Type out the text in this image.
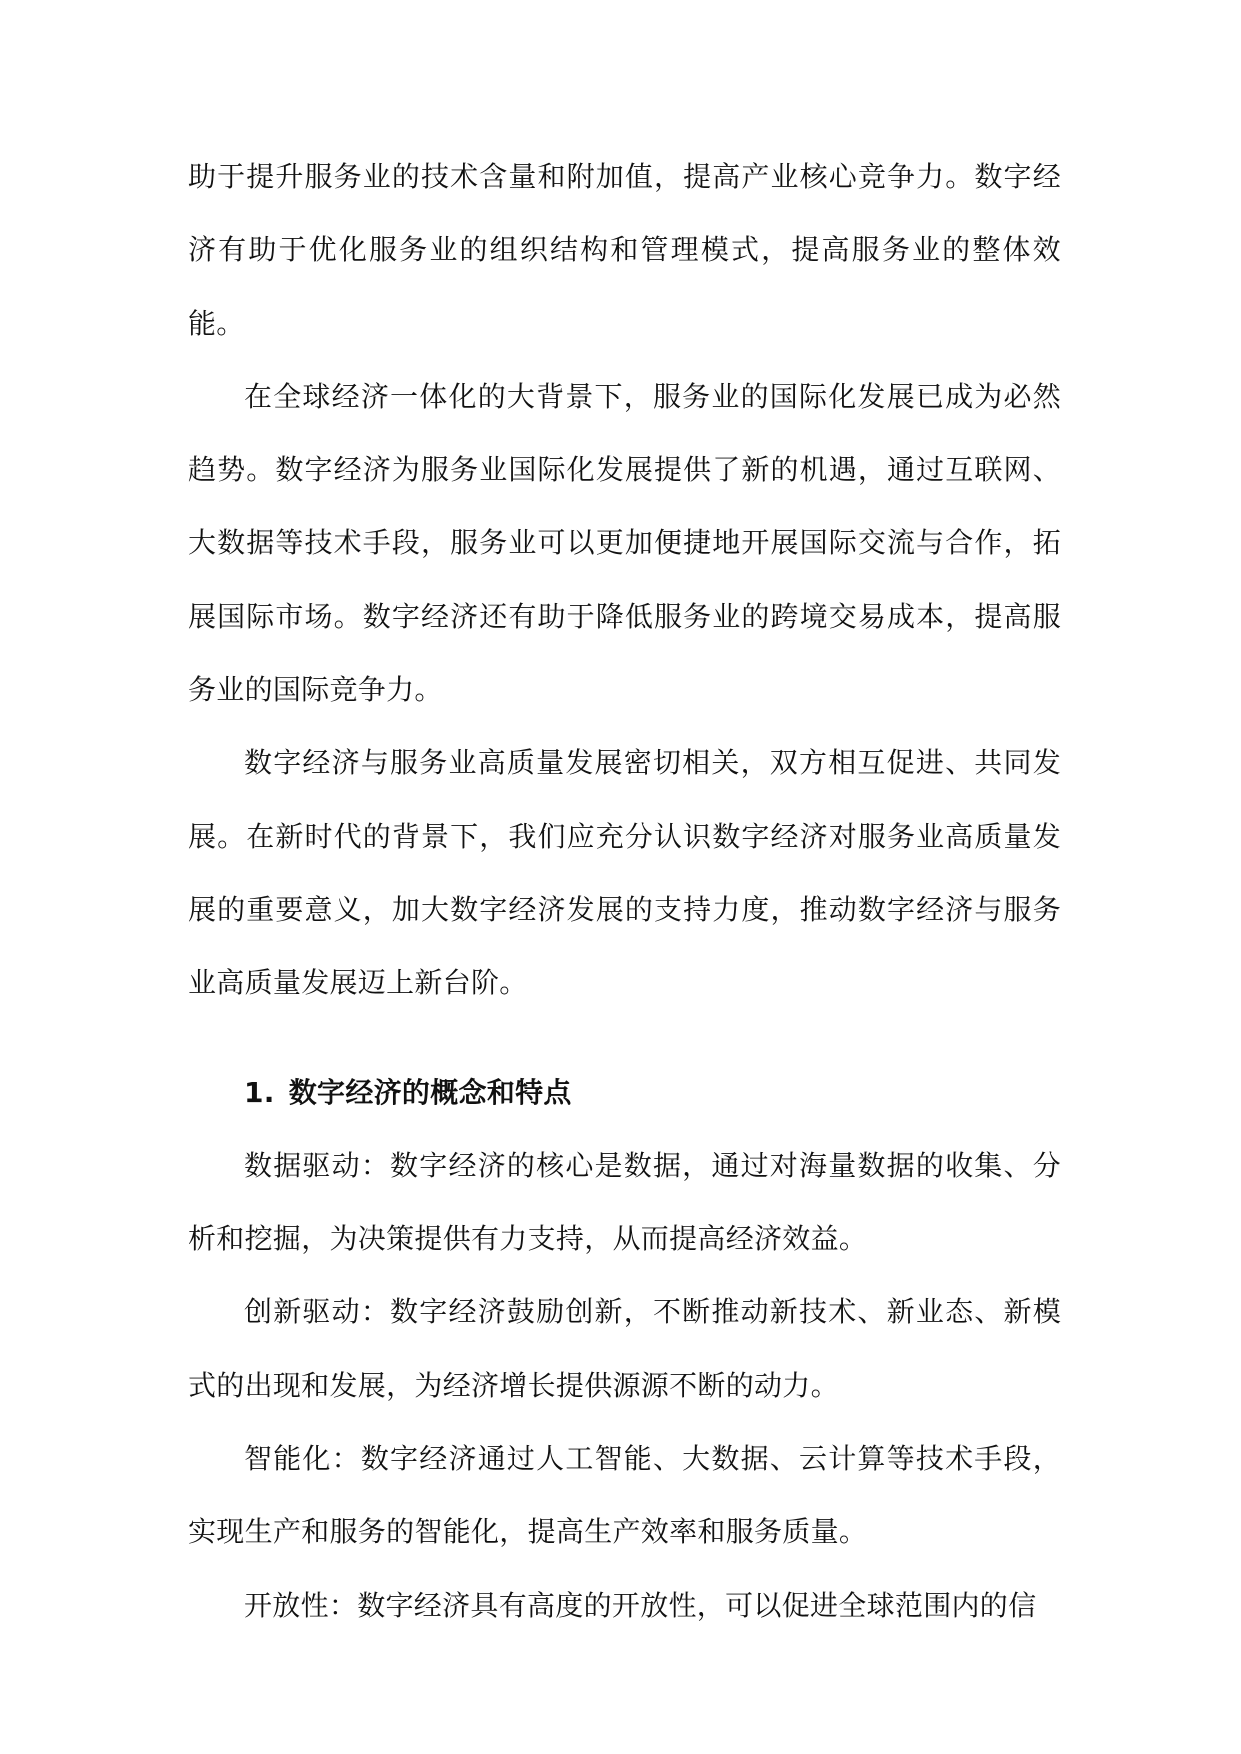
助于提升服务业的技术含量和附加值，提高产业核心竞争力。数字经济有助于优化服务业的组织结构和管理模式，提高服务业的整体效能。

在全球经济一体化的大背景下，服务业的国际化发展已成为必然趋势。数字经济为服务业国际化发展提供了新的机遇，通过互联网、大数据等技术手段，服务业可以更加便捷地开展国际交流与合作，拓展国际市场。数字经济还有助于降低服务业的跨境交易成本，提高服务业的国际竞争力。

数字经济与服务业高质量发展密切相关，双方相互促进、共同发展。在新时代的背景下，我们应充分认识数字经济对服务业高质量发展的重要意义，加大数字经济发展的支持力度，推动数字经济与服务业高质量发展迈上新台阶。

1. 数字经济的概念和特点

数据驱动：数字经济的核心是数据，通过对海量数据的收集、分析和挖掘，为决策提供有力支持，从而提高经济效益。

创新驱动：数字经济鼓励创新，不断推动新技术、新业态、新模式的出现和发展，为经济增长提供源源不断的动力。

智能化：数字经济通过人工智能、大数据、云计算等技术手段，实现生产和服务的智能化，提高生产效率和服务质量。

开放性：数字经济具有高度的开放性，可以促进全球范围内的信
